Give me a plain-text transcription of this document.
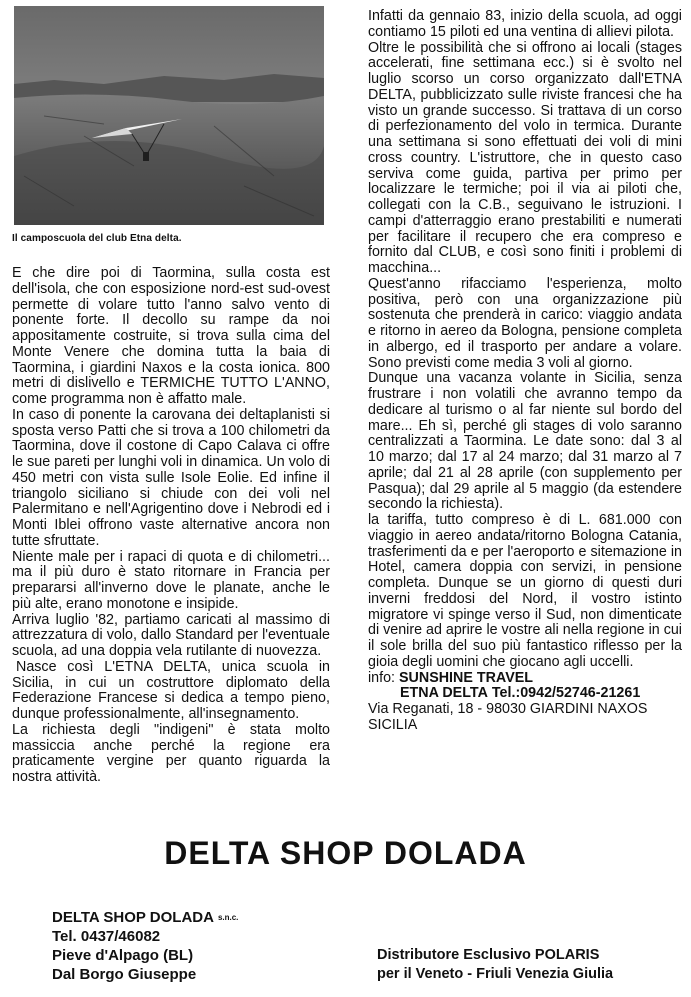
Il camposcuola del club Etna delta.

E che dire poi di Taormina, sulla costa est dell'isola, che con esposizione nord-est sud-ovest permette di volare tutto l'anno salvo vento di ponente forte. Il decollo su rampe da noi appositamente costruite, si trova sulla cima del Monte Venere che domina tutta la baia di Taormina, i giardini Naxos e la costa ionica. 800 metri di dislivello e TERMICHE TUTTO L'ANNO, come programma non è affatto male.

In caso di ponente la carovana dei deltaplanisti si sposta verso Patti che si trova a 100 chilometri da Taormina, dove il costone di Capo Calava ci offre le sue pareti per lunghi voli in dinamica. Un volo di 450 metri con vista sulle Isole Eolie. Ed infine il triangolo siciliano si chiude con dei voli nel Palermitano e nell'Agrigentino dove i Nebrodi ed i Monti Iblei offrono vaste alternative ancora non tutte sfruttate.

Niente male per i rapaci di quota e di chilometri... ma il più duro è stato ritornare in Francia per prepararsi all'inverno dove le planate, anche le più alte, erano monotone e insipide.

Arriva luglio '82, partiamo caricati al massimo di attrezzatura di volo, dallo Standard per l'eventuale scuola, ad una doppia vela rutilante di nuovezza.

Nasce così L'ETNA DELTA, unica scuola in Sicilia, in cui un costruttore diplomato della Federazione Francese si dedica a tempo pieno, dunque professionalmente, all'insegnamento.

La richiesta degli "indigeni" è stata molto massiccia anche perché la regione era praticamente vergine per quanto riguarda la nostra attività.

Infatti da gennaio 83, inizio della scuola, ad oggi contiamo 15 piloti ed una ventina di allievi pilota.

Oltre le possibilità che si offrono ai locali (stages accelerati, fine settimana ecc.) si è svolto nel luglio scorso un corso organizzato dall'ETNA DELTA, pubblicizzato sulle riviste francesi che ha visto un grande successo. Si trattava di un corso di perfezionamento del volo in termica. Durante una settimana si sono effettuati dei voli di mini cross country. L'istruttore, che in questo caso serviva come guida, partiva per primo per localizzare le termiche; poi il via ai piloti che, collegati con la C.B., seguivano le istruzioni. I campi d'atterraggio erano prestabiliti e numerati per facilitare il recupero che era compreso e fornito dal CLUB, e così sono finiti i problemi di macchina...

Quest'anno rifacciamo l'esperienza, molto positiva, però con una organizzazione più sostenuta che prenderà in carico: viaggio andata e ritorno in aereo da Bologna, pensione completa in albergo, ed il trasporto per andare a volare. Sono previsti come media 3 voli al giorno.

Dunque una vacanza volante in Sicilia, senza frustrare i non volatili che avranno tempo da dedicare al turismo o al far niente sul bordo del mare... Eh sì, perché gli stages di volo saranno centralizzati a Taormina. Le date sono: dal 3 al 10 marzo; dal 17 al 24 marzo; dal 31 marzo al 7 aprile; dal 21 al 28 aprile (con supplemento per Pasqua); dal 29 aprile al 5 maggio (da estendere secondo la richiesta).

la tariffa, tutto compreso è di L. 681.000 con viaggio in aereo andata/ritorno Bologna Catania, trasferimenti da e per l'aeroporto e sitemazione in Hotel, camera doppia con servizi, in pensione completa. Dunque se un giorno di questi duri inverni freddosi del Nord, il vostro istinto migratore vi spinge verso il Sud, non dimenticate di venire ad aprire le vostre ali nella regione in cui il sole brilla del suo più fantastico riflesso per la gioia degli uomini che giocano agli uccelli.

info: SUNSHINE TRAVEL
ETNA DELTA Tel.:0942/52746-21261
Via Reganati, 18 - 98030 GIARDINI NAXOS SICILIA
DELTA SHOP DOLADA
DELTA SHOP DOLADA s.n.c.
Tel. 0437/46082
Pieve d'Alpago (BL)
Dal Borgo Giuseppe
Distributore Esclusivo POLARIS
per il Veneto - Friuli Venezia Giulia
